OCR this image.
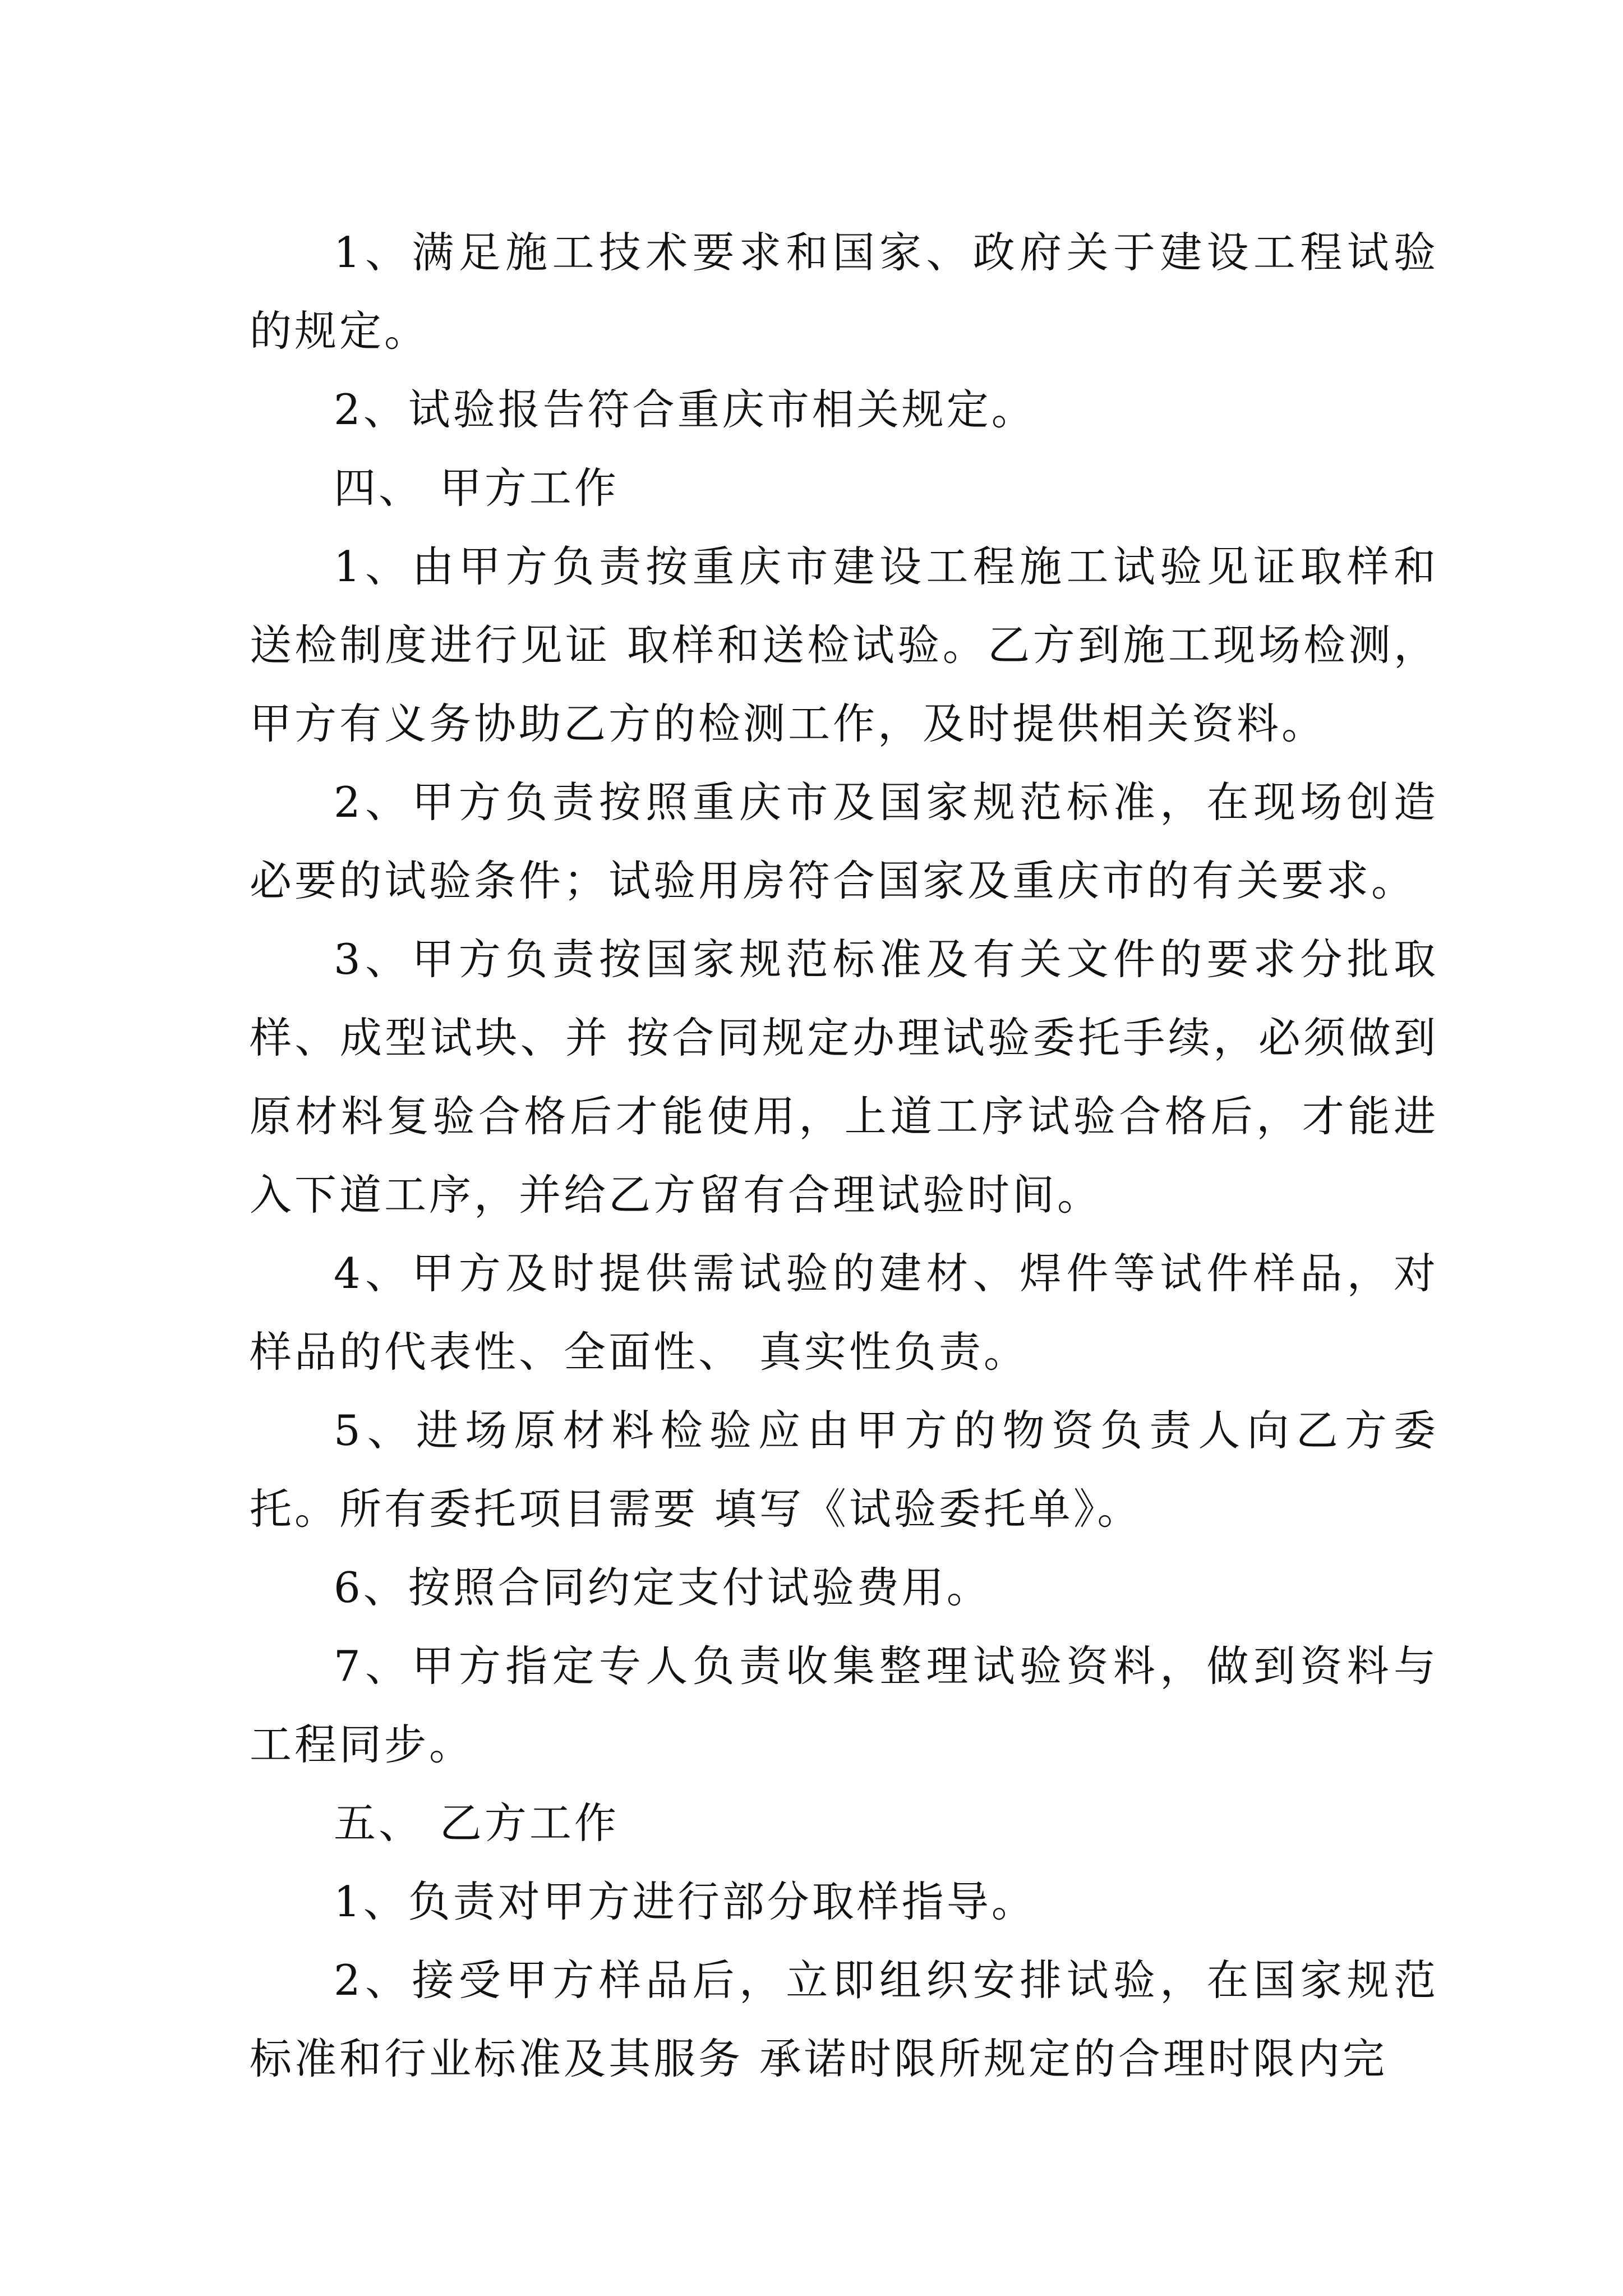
1、满足施工技术要求和国家、政府关于建设工程试验的规定。

2、试验报告符合重庆市相关规定。

四、 甲方工作

1、由甲方负责按重庆市建设工程施工试验见证取样和送检制度进行见证 取样和送检试验。乙方到施工现场检测，甲方有义务协助乙方的检测工作，及时提供相关资料。

2、甲方负责按照重庆市及国家规范标准，在现场创造必要的试验条件；试验用房符合国家及重庆市的有关要求。

3、甲方负责按国家规范标准及有关文件的要求分批取样、成型试块、并 按合同规定办理试验委托手续，必须做到原材料复验合格后才能使用，上道工序试验合格后，才能进入下道工序，并给乙方留有合理试验时间。

4、甲方及时提供需试验的建材、焊件等试件样品，对样品的代表性、全面性、 真实性负责。

5、进场原材料检验应由甲方的物资负责人向乙方委托。所有委托项目需要 填写《试验委托单》。

6、按照合同约定支付试验费用。

7、甲方指定专人负责收集整理试验资料，做到资料与工程同步。

五、 乙方工作

1、负责对甲方进行部分取样指导。

2、接受甲方样品后，立即组织安排试验，在国家规范标准和行业标准及其服务 承诺时限所规定的合理时限内完
